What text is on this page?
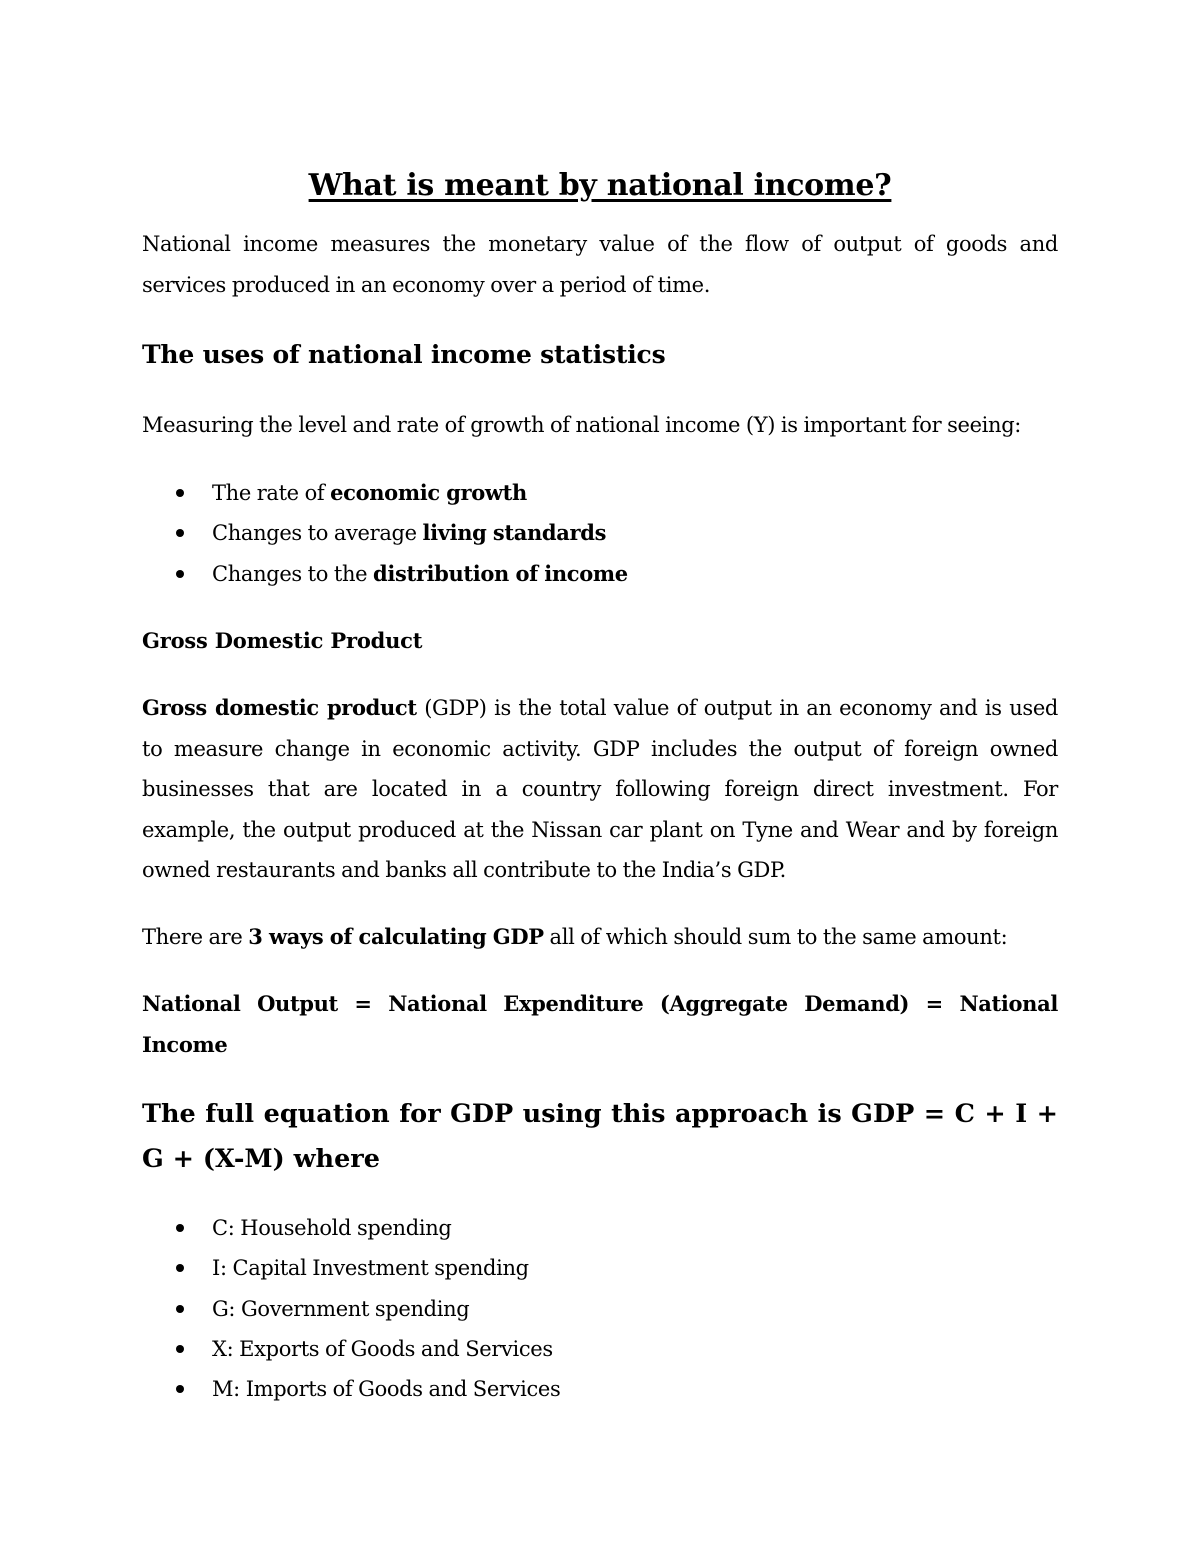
What is meant by national income?

National income measures the monetary value of the flow of output of goods and services produced in an economy over a period of time.

The uses of national income statistics

Measuring the level and rate of growth of national income (Y) is important for seeing:

The rate of economic growth
Changes to average living standards
Changes to the distribution of income
Gross Domestic Product

Gross domestic product (GDP) is the total value of output in an economy and is used to measure change in economic activity. GDP includes the output of foreign owned businesses that are located in a country following foreign direct investment. For example, the output produced at the Nissan car plant on Tyne and Wear and by foreign owned restaurants and banks all contribute to the India’s GDP.

There are 3 ways of calculating GDP all of which should sum to the same amount:

National Output = National Expenditure (Aggregate Demand) = National Income

The full equation for GDP using this approach is GDP = C + I + G + (X-M) where
C: Household spending
I: Capital Investment spending
G: Government spending
X: Exports of Goods and Services
M: Imports of Goods and Services
